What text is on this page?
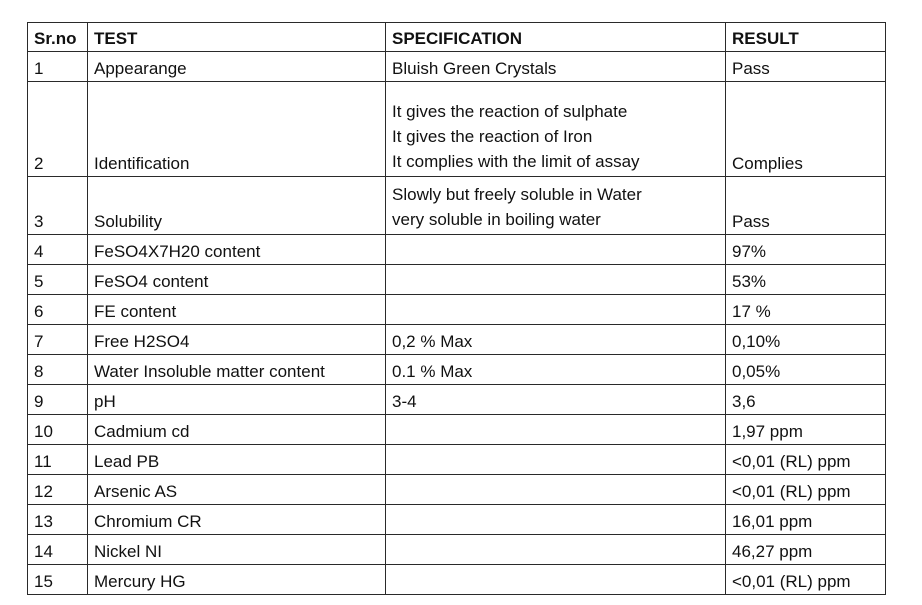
Sr.no	TEST	SPECIFICATION	RESULT
1	Appearange	Bluish Green Crystals	Pass
2	Identification	It gives the reaction of sulphate
It gives the reaction of Iron
It complies with the limit of assay	Complies
3	Solubility	Slowly but freely soluble in Water
very soluble in boiling water	Pass
4	FeSO4X7H20 content		97%
5	FeSO4 content		53%
6	FE content		17 %
7	Free H2SO4	0,2 % Max	0,10%
8	Water Insoluble matter content	0.1 % Max	0,05%
9	pH	3-4	3,6
10	Cadmium cd		1,97 ppm
11	Lead PB		<0,01 (RL) ppm
12	Arsenic AS		<0,01 (RL) ppm
13	Chromium CR		16,01 ppm
14	Nickel NI		46,27 ppm
15	Mercury HG		<0,01 (RL) ppm
